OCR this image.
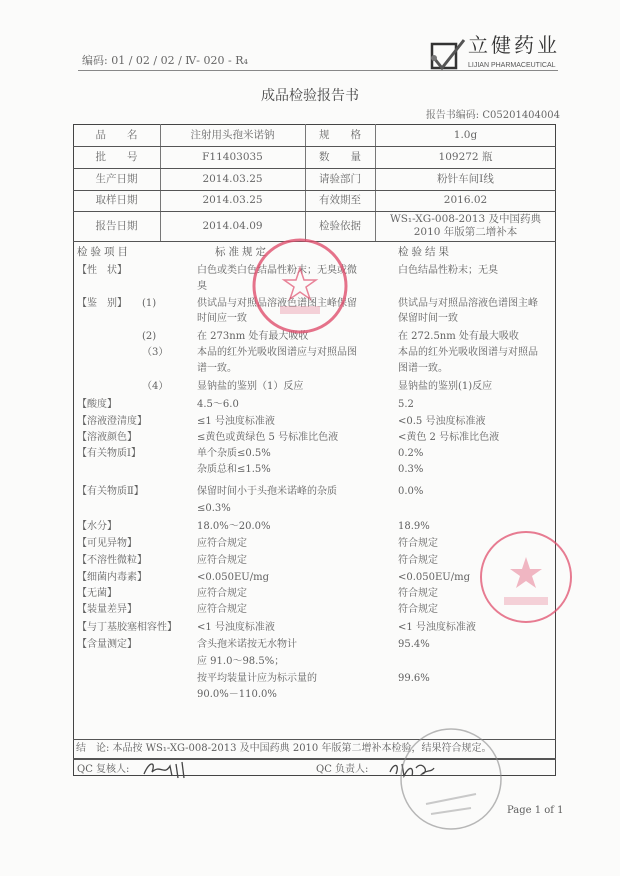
编码: 01 / 02 / 02 / Ⅳ- 020 - R₄
立健药业
LIJIAN PHARMACEUTICAL
成品检验报告书
报告书编码: C05201404004
品　　名	注射用头孢米诺钠	规　　格	1.0g
批　　号	F11403035	数　　量	109272 瓶
生产日期	2014.03.25	请验部门	粉针车间Ⅰ线
取样日期	2014.03.25	有效期至	2016.02
报告日期	2014.04.09	检验依据
WS₁-XG-008-2013 及中国药典 2010 年版第二增补本
检验项目	标准规定	检验结果
【性　状】	白色或类白色结晶性粉末；无臭或微	白色结晶性粉末；无臭
臭
【鉴　别】 (1)	供试品与对照品溶液色谱图主峰保留	供试品与对照品溶液色谱图主峰
时间应一致	保留时间一致
(2)	在 273nm 处有最大吸收	在 272.5nm 处有最大吸收
（3）	本品的红外光吸收图谱应与对照品图	本品的红外光吸收图谱与对照品
谱一致。	图谱一致。
（4）	显钠盐的鉴别（1）反应	显钠盐的鉴别(1)反应
【酸度】	4.5～6.0	5.2
【溶液澄清度】	≤1 号浊度标准液	<0.5 号浊度标准液
【溶液颜色】	≤黄色或黄绿色 5 号标准比色液	<黄色 2 号标准比色液
【有关物质Ⅰ】	单个杂质≤0.5%	0.2%
杂质总和≤1.5%	0.3%
【有关物质Ⅱ】	保留时间小于头孢米诺峰的杂质	0.0%
≤0.3%
【水分】	18.0%～20.0%	18.9%
【可见异物】	应符合规定	符合规定
【不溶性微粒】	应符合规定	符合规定
【细菌内毒素】	<0.050EU/mg	<0.050EU/mg
【无菌】	应符合规定	符合规定
【装量差异】	应符合规定	符合规定
【与丁基胶塞相容性】 <1 号浊度标准液	<1 号浊度标准液
【含量测定】	含头孢米诺按无水物计	95.4%
应 91.0～98.5%；
按平均装量计应为标示量的	99.6%
90.0%－110.0%
结　论: 本品按 WS₁-XG-008-2013 及中国药典 2010 年版第二增补本检验，结果符合规定。
QC 复核人:	QC 负责人:
Page 1 of 1
